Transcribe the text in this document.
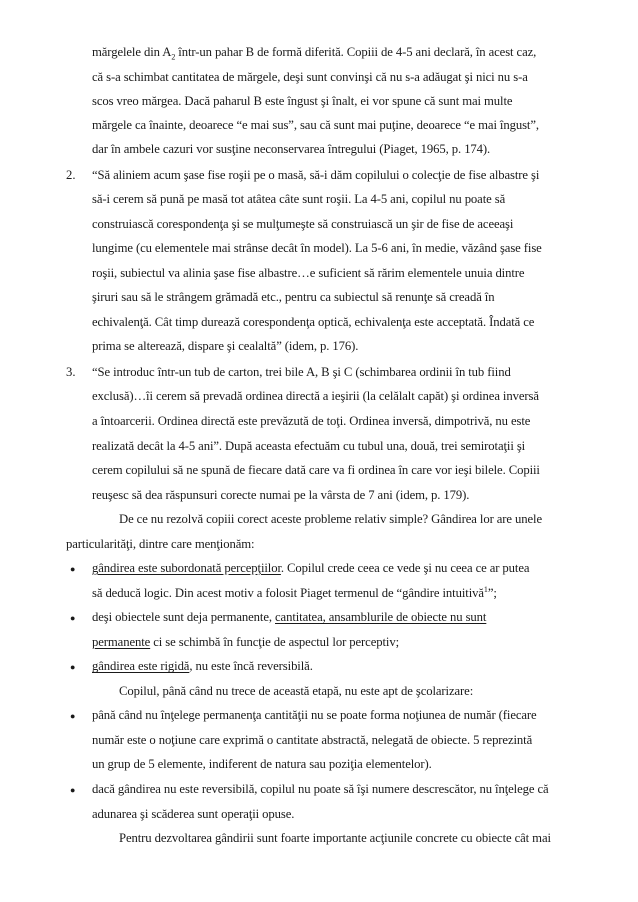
mărgelele din $A_2$ într-un pahar B de formă diferită. Copiii de 4-5 ani declară, în acest caz,
că s-a schimbat cantitatea de mărgele, deşi sunt convinşi că nu s-a adăugat şi nici nu s-a
scos vreo mărgea. Dacă paharul B este îngust şi înalt, ei vor spune că sunt mai multe
mărgele ca înainte, deoarece “e mai sus”, sau că sunt mai puţine, deoarece “e mai îngust”,
dar în ambele cazuri vor susţine neconservarea întregului (Piaget, 1965, p. 174).
2. “Să aliniem acum şase fise roşii pe o masă, să-i dăm copilului o colecţie de fise albastre şi
să-i cerem să pună pe masă tot atâtea câte sunt roşii. La 4-5 ani, copilul nu poate să
construiască corespondenţa şi se mulţumeşte să construiască un şir de fise de aceeaşi
lungime (cu elementele mai strânse decât în model). La 5-6 ani, în medie, văzând şase fise
roşii, subiectul va alinia şase fise albastre…e suficient să rărim elementele unuia dintre
şiruri sau să le strângem grămadă etc., pentru ca subiectul să renunţe să creadă în
echivalenţă. Cât timp durează corespondenţa optică, echivalenţa este acceptată. Îndată ce
prima se alterează, dispare şi cealaltă” (idem, p. 176).
3. “Se introduc într-un tub de carton, trei bile A, B şi C (schimbarea ordinii în tub fiind
exclusă)…îi cerem să prevadă ordinea directă a ieşirii (la celălalt capăt) şi ordinea inversă
a întoarcerii. Ordinea directă este prevăzută de toţi. Ordinea inversă, dimpotrivă, nu este
realizată decât la 4-5 ani”. După aceasta efectuăm cu tubul una, două, trei semirotaţii şi
cerem copilului să ne spună de fiecare dată care va fi ordinea în care vor ieşi bilele. Copiii
reuşesc să dea răspunsuri corecte numai pe la vârsta de 7 ani (idem, p. 179).
De ce nu rezolvă copiii corect aceste probleme relativ simple? Gândirea lor are unele
particularităţi, dintre care menţionăm:
● gândirea este subordonată percepţiilor. Copilul crede ceea ce vede şi nu ceea ce ar putea
să deducă logic. Din acest motiv a folosit Piaget termenul de “gândire intuitivă$^1$”;
● deşi obiectele sunt deja permanente, cantitatea, ansamblurile de obiecte nu sunt
permanente ci se schimbă în funcţie de aspectul lor perceptiv;
● gândirea este rigidă, nu este încă reversibilă.
Copilul, până când nu trece de această etapă, nu este apt de şcolarizare:
● până când nu înţelege permanenţa cantităţii nu se poate forma noţiunea de număr (fiecare
număr este o noţiune care exprimă o cantitate abstractă, nelegată de obiecte. 5 reprezintă
un grup de 5 elemente, indiferent de natura sau poziţia elementelor).
● dacă gândirea nu este reversibilă, copilul nu poate să îşi numere descrescător, nu înţelege că
adunarea şi scăderea sunt operaţii opuse.
Pentru dezvoltarea gândirii sunt foarte importante acţiunile concrete cu obiecte cât mai
